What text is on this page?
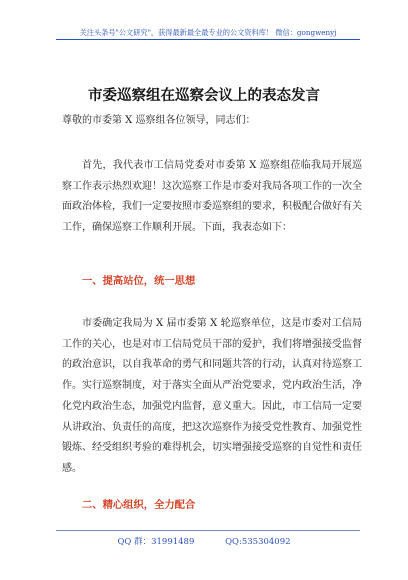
关注头条号"公文研究"，获得最新最全最专业的公文资料库！ 微信：gongwenyj
市委巡察组在巡察会议上的表态发言

尊敬的市委第 X 巡察组各位领导，同志们：

首先，我代表市工信局党委对市委第 X 巡察组莅临我局开展巡察工作表示热烈欢迎！这次巡察工作是市委对我局各项工作的一次全面政治体检，我们一定要按照市委巡察组的要求，积极配合做好有关工作，确保巡察工作顺利开展。下面，我表态如下：

一、提高站位，统一思想

市委确定我局为 X 届市委第 X 轮巡察单位，这是市委对工信局工作的关心，也是对市工信局党员干部的爱护，我们将增强接受监督的政治意识，以自我革命的勇气和同题共答的行动，认真对待巡察工作。实行巡察制度，对于落实全面从严治党要求，党内政治生活，净化党内政治生态，加强党内监督，意义重大。因此，市工信局一定要从讲政治、负责任的高度，把这次巡察作为接受党性教育、加强党性锻炼、经受组织考验的难得机会，切实增强接受巡察的自觉性和责任感。

二、精心组织，全力配合
QQ 群：31991489	QQ:535304092
